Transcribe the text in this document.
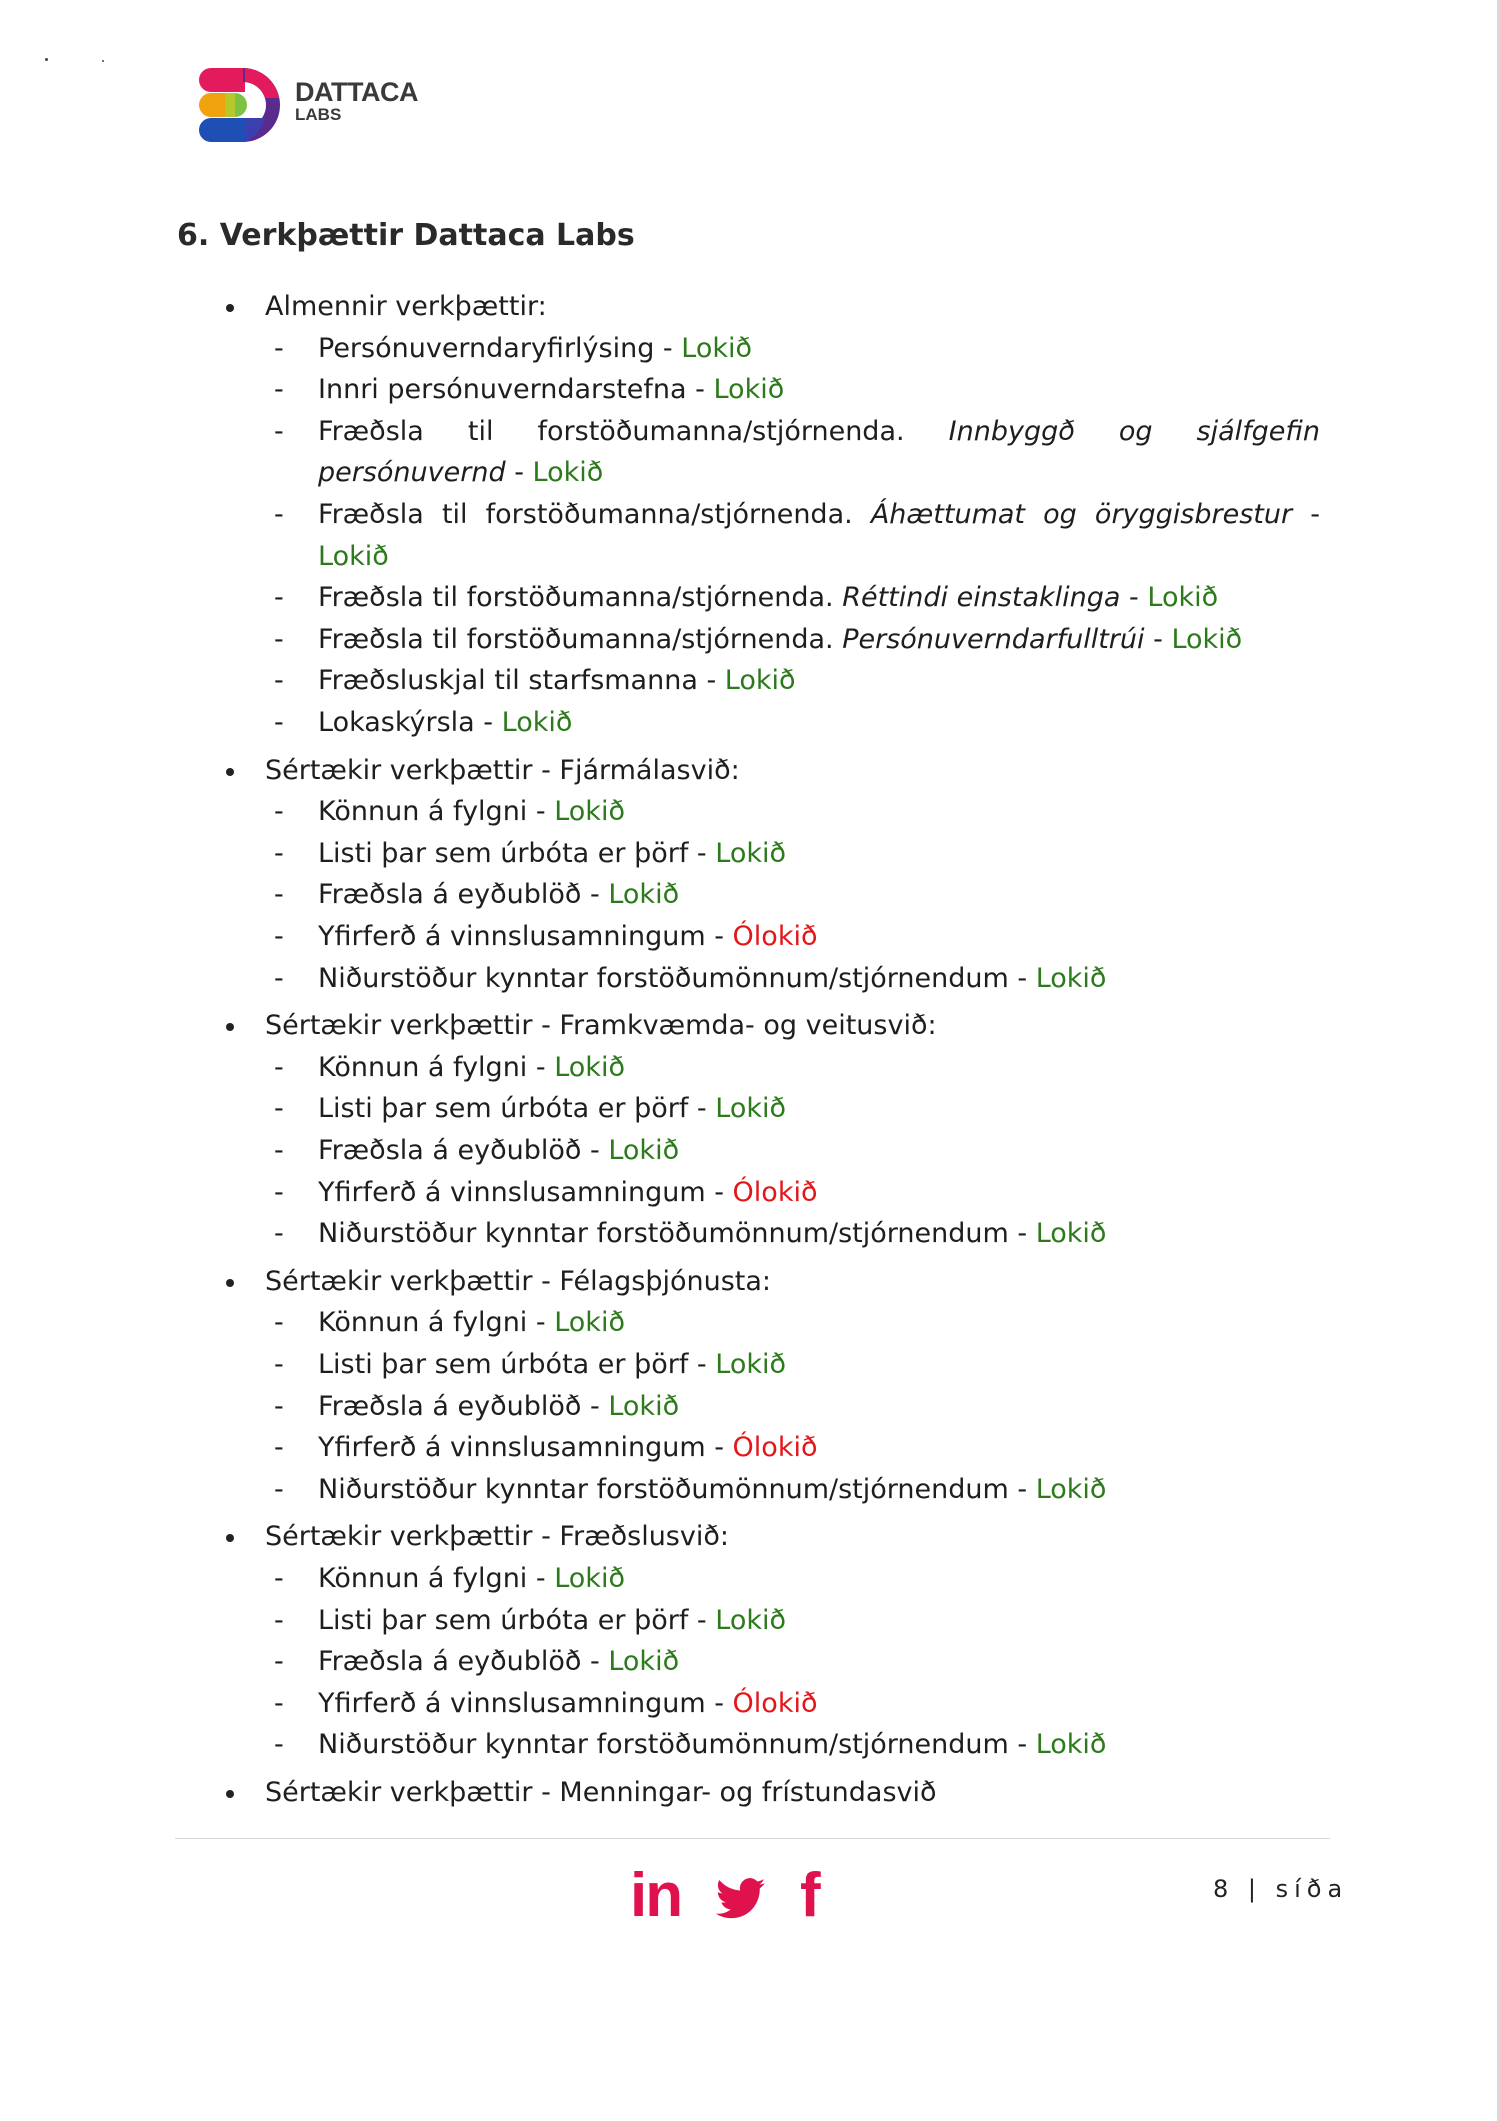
DATTACA
LABS
6. Verkþættir Dattaca Labs
Almennir verkþættir:
- Persónuverndaryfirlýsing - Lokið
- Innri persónuverndarstefna - Lokið
- Fræðsla til forstöðumanna/stjórnenda. Innbyggð og sjálfgefin
persónuvernd - Lokið
- Fræðsla til forstöðumanna/stjórnenda. Áhættumat og öryggisbrestur -
Lokið
- Fræðsla til forstöðumanna/stjórnenda. Réttindi einstaklinga - Lokið
- Fræðsla til forstöðumanna/stjórnenda. Persónuverndarfulltrúi - Lokið
- Fræðsluskjal til starfsmanna - Lokið
- Lokaskýrsla - Lokið
Sértækir verkþættir - Fjármálasvið:
- Könnun á fylgni - Lokið
- Listi þar sem úrbóta er þörf - Lokið
- Fræðsla á eyðublöð - Lokið
- Yfirferð á vinnslusamningum - Ólokið
- Niðurstöður kynntar forstöðumönnum/stjórnendum - Lokið
Sértækir verkþættir - Framkvæmda- og veitusvið:
- Könnun á fylgni - Lokið
- Listi þar sem úrbóta er þörf - Lokið
- Fræðsla á eyðublöð - Lokið
- Yfirferð á vinnslusamningum - Ólokið
- Niðurstöður kynntar forstöðumönnum/stjórnendum - Lokið
Sértækir verkþættir - Félagsþjónusta:
- Könnun á fylgni - Lokið
- Listi þar sem úrbóta er þörf - Lokið
- Fræðsla á eyðublöð - Lokið
- Yfirferð á vinnslusamningum - Ólokið
- Niðurstöður kynntar forstöðumönnum/stjórnendum - Lokið
Sértækir verkþættir - Fræðslusvið:
- Könnun á fylgni - Lokið
- Listi þar sem úrbóta er þörf - Lokið
- Fræðsla á eyðublöð - Lokið
- Yfirferð á vinnslusamningum - Ólokið
- Niðurstöður kynntar forstöðumönnum/stjórnendum - Lokið
Sértækir verkþættir - Menningar- og frístundasvið
in f	8 | síða
